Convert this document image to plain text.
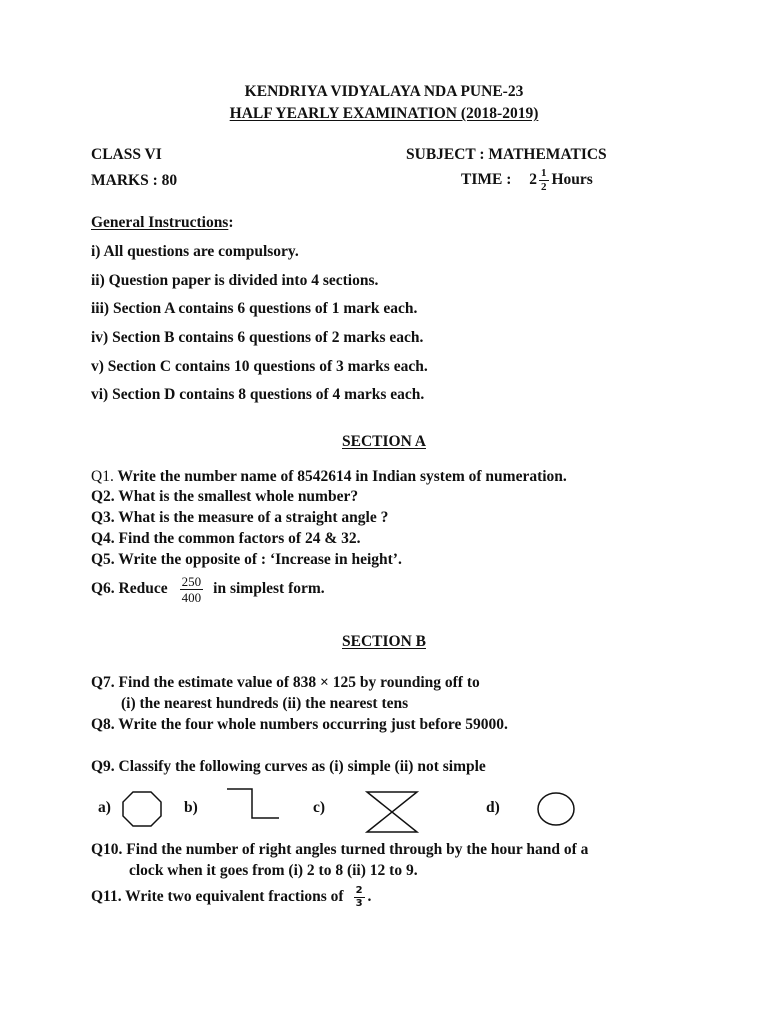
KENDRIYA VIDYALAYA NDA PUNE-23
HALF YEARLY EXAMINATION (2018-2019)
CLASS VI	SUBJECT : MATHEMATICS
MARKS : 80	TIME : $2 \frac{1}{2}$ Hours
General Instructions:
i) All questions are compulsory.
ii) Question paper is divided into 4 sections.
iii) Section A contains 6 questions of 1 mark each.
iv) Section B contains 6 questions of 2 marks each.
v) Section C contains 10 questions of 3 marks each.
vi) Section D contains 8 questions of 4 marks each.
SECTION A
Q1. Write the number name of 8542614 in Indian system of numeration.
Q2. What is the smallest whole number?
Q3. What is the measure of a straight angle ?
Q4. Find the common factors of 24 & 32.
Q5. Write the opposite of : ‘Increase in height’.
Q6. Reduce $\frac{250}{400}$ in simplest form.
SECTION B
Q7. Find the estimate value of 838 × 125 by rounding off to
(i) the nearest hundreds (ii) the nearest tens
Q8. Write the four whole numbers occurring just before 59000.
Q9. Classify the following curves as (i) simple (ii) not simple
a)	b)	c)	d)
Q10. Find the number of right angles turned through by the hour hand of a
clock when it goes from (i) 2 to 8 (ii) 12 to 9.
Q11. Write two equivalent fractions of $\frac{2}{3}$ .
